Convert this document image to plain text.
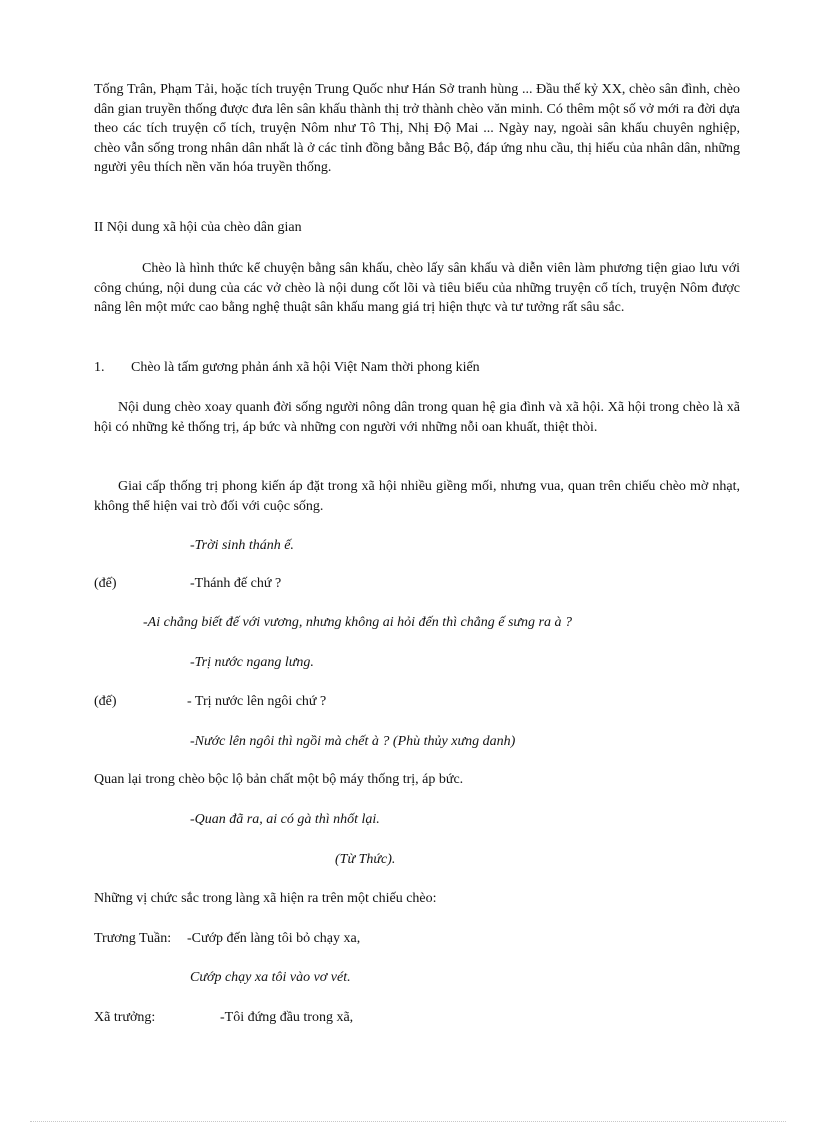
Tống Trân, Phạm Tải, hoặc tích truyện Trung Quốc như Hán Sở tranh hùng ... Đầu thế kỷ XX, chèo sân đình, chèo dân gian truyền thống được đưa lên sân khấu thành thị trở thành chèo văn minh. Có thêm một số vở mới ra đời dựa theo các tích truyện cổ tích, truyện Nôm như Tô Thị, Nhị Độ Mai ... Ngày nay, ngoài sân khấu chuyên nghiệp, chèo vẫn sống trong nhân dân nhất là ở các tỉnh đồng bằng Bắc Bộ, đáp ứng nhu cầu, thị hiếu của nhân dân, những người yêu thích nền văn hóa truyền thống.

II Nội dung xã hội của chèo dân gian

Chèo là hình thức kể chuyện bằng sân khấu, chèo lấy sân khấu và diễn viên làm phương tiện giao lưu với công chúng, nội dung của các vở chèo là nội dung cốt lõi và tiêu biểu của những truyện cổ tích, truyện Nôm được nâng lên một mức cao bằng nghệ thuật sân khấu mang giá trị hiện thực và tư tưởng rất sâu sắc.

1. Chèo là tấm gương phản ánh xã hội Việt Nam thời phong kiến

Nội dung chèo xoay quanh đời sống người nông dân trong quan hệ gia đình và xã hội. Xã hội trong chèo là xã hội có những kẻ thống trị, áp bức và những con người với những nỗi oan khuất, thiệt thòi.

Giai cấp thống trị phong kiến áp đặt trong xã hội nhiều giềng mối, nhưng vua, quan trên chiếu chèo mờ nhạt, không thể hiện vai trò đối với cuộc sống.

-Trời sinh thánh ế.
(đế)	-Thánh đế chứ ?
-Ai chẳng biết đế với vương, nhưng không ai hỏi đến thì chẳng ế sưng ra à ?
-Trị nước ngang lưng.
(đế)	- Trị nước lên ngôi chứ ?
-Nước lên ngôi thì ngồi mà chết à ? (Phù thủy xưng danh)
Quan lại trong chèo bộc lộ bản chất một bộ máy thống trị, áp bức.
-Quan đã ra, ai có gà thì nhốt lại.
(Từ Thức).
Những vị chức sắc trong làng xã hiện ra trên một chiếu chèo:
Trương Tuần: -Cướp đến làng tôi bỏ chạy xa,
Cướp chạy xa tôi vào vơ vét.
Xã trưởng:	-Tôi đứng đầu trong xã,
